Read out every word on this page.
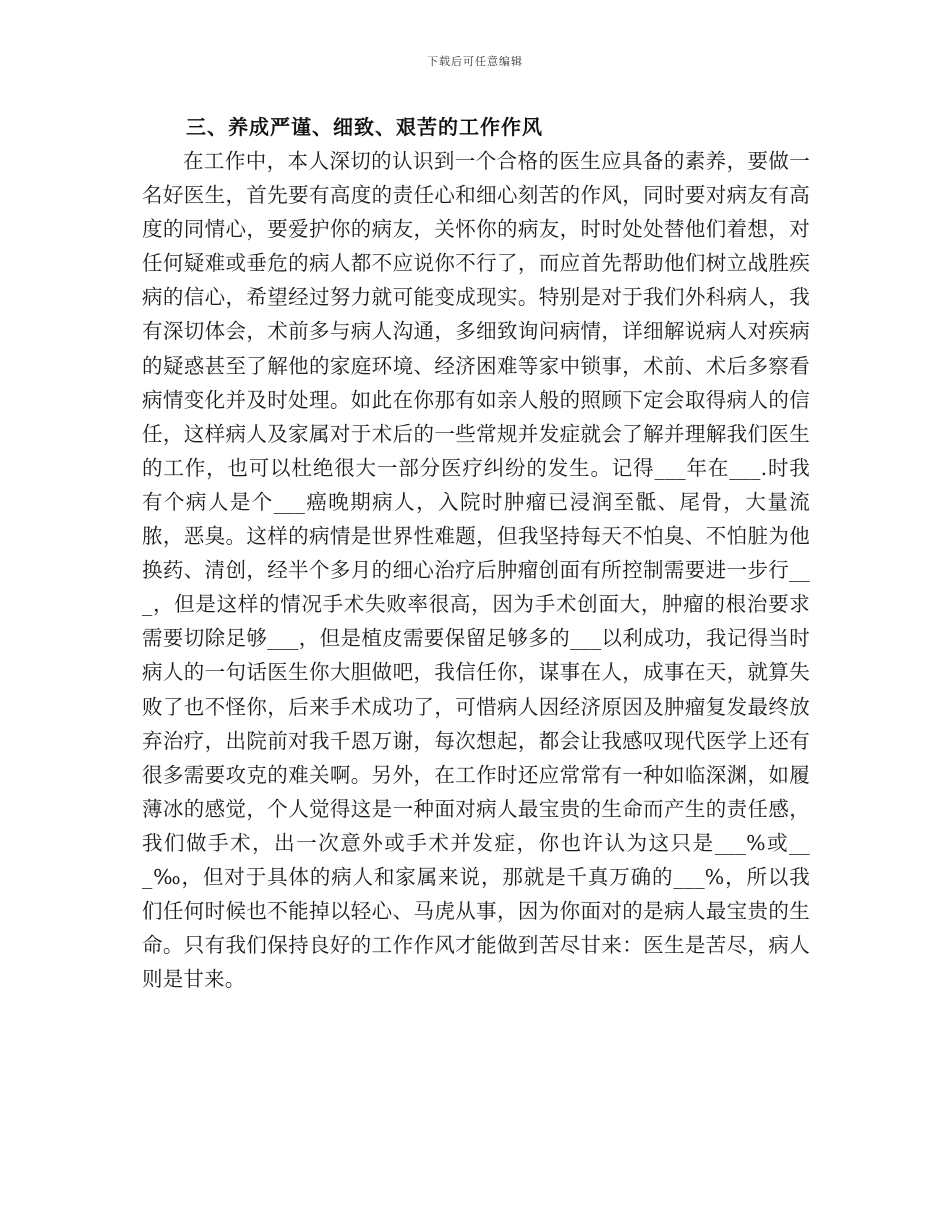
下载后可任意编辑
三、养成严谨、细致、艰苦的工作作风

在工作中，本人深切的认识到一个合格的医生应具备的素养，要做一名好医生，首先要有高度的责任心和细心刻苦的作风，同时要对病友有高度的同情心，要爱护你的病友，关怀你的病友，时时处处替他们着想，对任何疑难或垂危的病人都不应说你不行了，而应首先帮助他们树立战胜疾病的信心，希望经过努力就可能变成现实。特别是对于我们外科病人，我有深切体会，术前多与病人沟通，多细致询问病情，详细解说病人对疾病的疑惑甚至了解他的家庭环境、经济困难等家中锁事，术前、术后多察看病情变化并及时处理。如此在你那有如亲人般的照顾下定会取得病人的信任，这样病人及家属对于术后的一些常规并发症就会了解并理解我们医生的工作，也可以杜绝很大一部分医疗纠纷的发生。记得___年在___.时我有个病人是个___癌晚期病人，入院时肿瘤已浸润至骶、尾骨，大量流脓，恶臭。这样的病情是世界性难题，但我坚持每天不怕臭、不怕脏为他换药、清创，经半个多月的细心治疗后肿瘤创面有所控制需要进一步行___，但是这样的情况手术失败率很高，因为手术创面大，肿瘤的根治要求需要切除足够___，但是植皮需要保留足够多的___以利成功，我记得当时病人的一句话医生你大胆做吧，我信任你，谋事在人，成事在天，就算失败了也不怪你，后来手术成功了，可惜病人因经济原因及肿瘤复发最终放弃治疗，出院前对我千恩万谢，每次想起，都会让我感叹现代医学上还有很多需要攻克的难关啊。另外，在工作时还应常常有一种如临深渊，如履薄冰的感觉，个人觉得这是一种面对病人最宝贵的生命而产生的责任感，我们做手术，出一次意外或手术并发症，你也许认为这只是___%或___‰，但对于具体的病人和家属来说，那就是千真万确的___%，所以我们任何时候也不能掉以轻心、马虎从事，因为你面对的是病人最宝贵的生命。只有我们保持良好的工作作风才能做到苦尽甘来：医生是苦尽，病人则是甘来。
